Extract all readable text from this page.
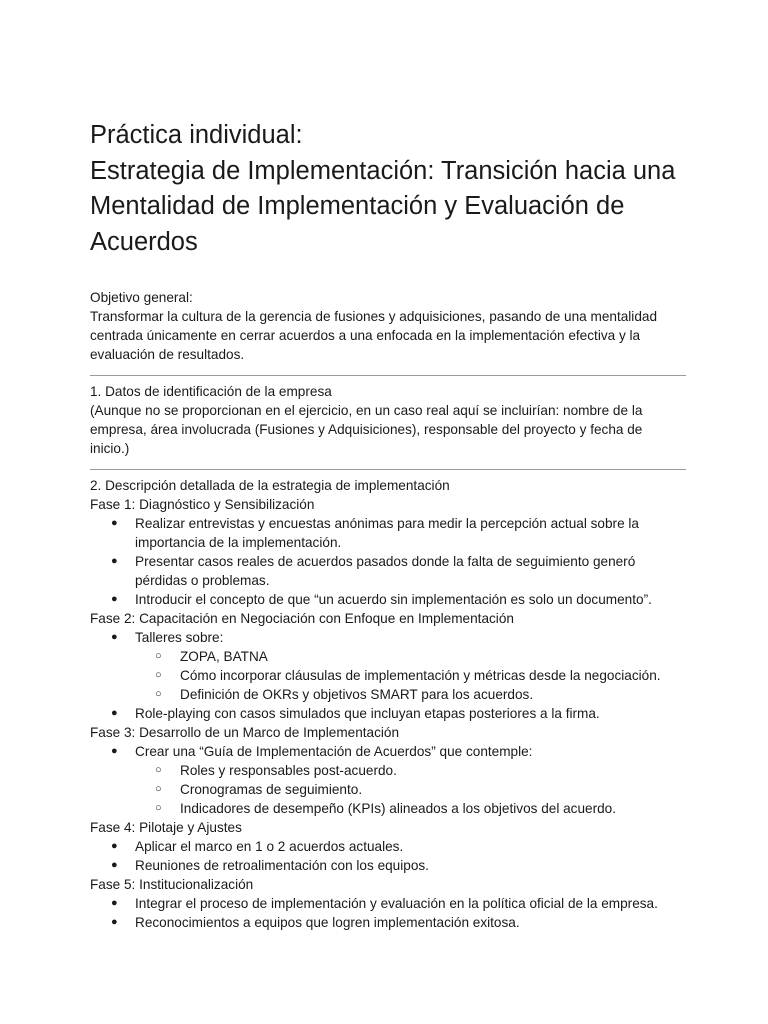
Práctica individual:

Estrategia de Implementación: Transición hacia una

Mentalidad de Implementación y Evaluación de

Acuerdos

Objetivo general:

Transformar la cultura de la gerencia de fusiones y adquisiciones, pasando de una mentalidad centrada únicamente en cerrar acuerdos a una enfocada en la implementación efectiva y la evaluación de resultados.

1. Datos de identificación de la empresa

(Aunque no se proporcionan en el ejercicio, en un caso real aquí se incluirían: nombre de la empresa, área involucrada (Fusiones y Adquisiciones), responsable del proyecto y fecha de inicio.)

2. Descripción detallada de la estrategia de implementación

Fase 1: Diagnóstico y Sensibilización

● Realizar entrevistas y encuestas anónimas para medir la percepción actual sobre la importancia de la implementación.
● Presentar casos reales de acuerdos pasados donde la falta de seguimiento generó pérdidas o problemas.
● Introducir el concepto de que “un acuerdo sin implementación es solo un documento”.

Fase 2: Capacitación en Negociación con Enfoque en Implementación

● Talleres sobre:
○ ZOPA, BATNA
○ Cómo incorporar cláusulas de implementación y métricas desde la negociación.
○ Definición de OKRs y objetivos SMART para los acuerdos.
● Role-playing con casos simulados que incluyan etapas posteriores a la firma.

Fase 3: Desarrollo de un Marco de Implementación

● Crear una “Guía de Implementación de Acuerdos” que contemple:
○ Roles y responsables post-acuerdo.
○ Cronogramas de seguimiento.
○ Indicadores de desempeño (KPIs) alineados a los objetivos del acuerdo.

Fase 4: Pilotaje y Ajustes

● Aplicar el marco en 1 o 2 acuerdos actuales.
● Reuniones de retroalimentación con los equipos.

Fase 5: Institucionalización

● Integrar el proceso de implementación y evaluación en la política oficial de la empresa.
● Reconocimientos a equipos que logren implementación exitosa.
